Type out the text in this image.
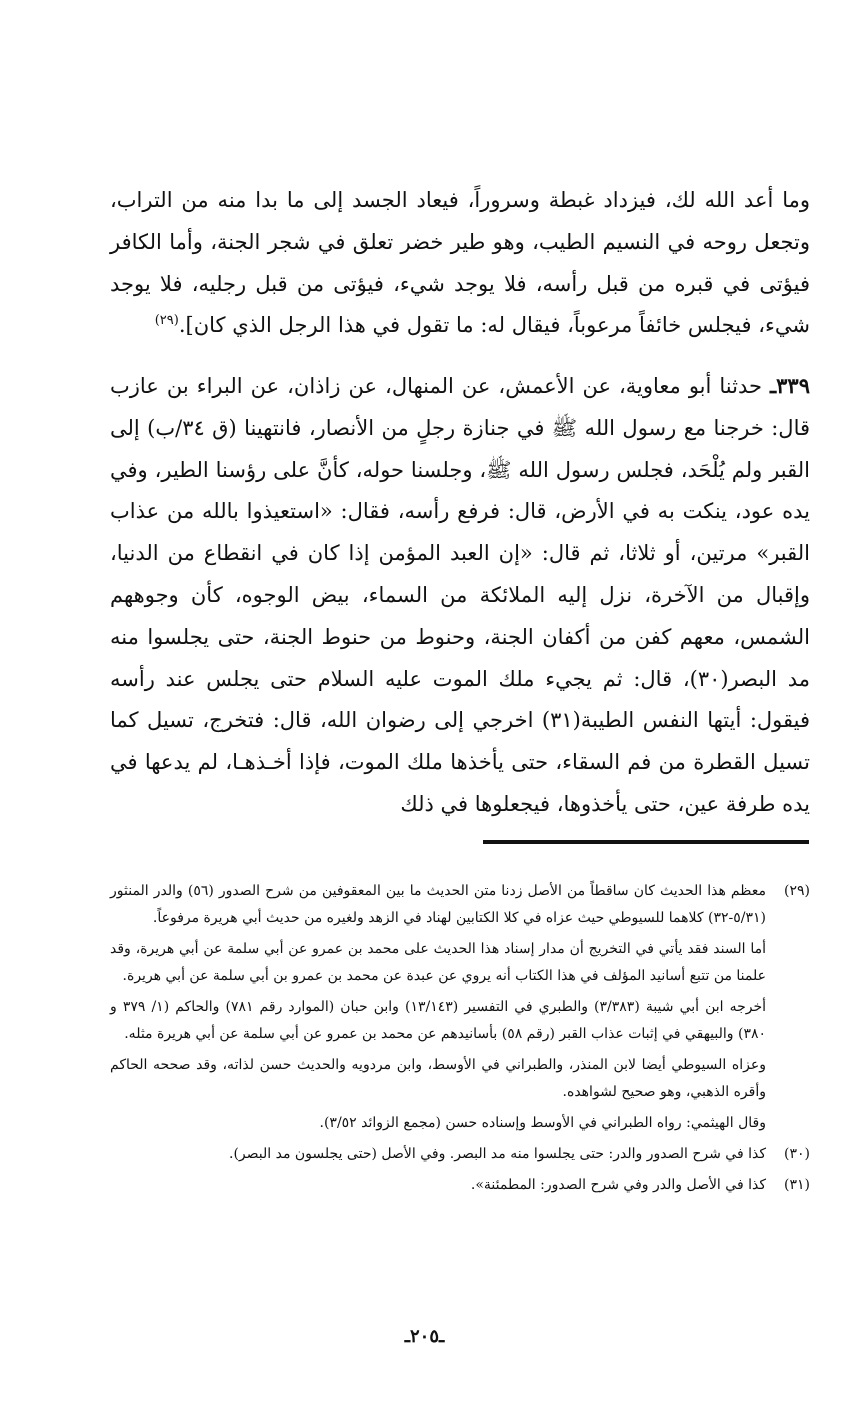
وما أعد الله لك، فيزداد غبطة وسروراً، فيعاد الجسد إلى ما بدا منه من التراب، وتجعل روحه في النسيم الطيب، وهو طير خضر تعلق في شجر الجنة، وأما الكافر فيؤتى في قبره من قبل رأسه، فلا يوجد شيء، فيؤتى من قبل رجليه، فلا يوجد شيء، فيجلس خائفاً مرعوباً، فيقال له: ما تقول في هذا الرجل الذي كان].$^{(٢٩)}$

٣٣٩ـ حدثنا أبو معاوية، عن الأعمش، عن المنهال، عن زاذان، عن البراء بن عازب قال: خرجنا مع رسول الله ﷺ في جنازة رجلٍ من الأنصار، فانتهينا (ق ٣٤/ب) إلى القبر ولم يُلْحَد، فجلس رسول الله ﷺ، وجلسنا حوله، كأنَّ على رؤسنا الطير، وفي يده عود، ينكت به في الأرض، قال: فرفع رأسه، فقال: «استعيذوا بالله من عذاب القبر» مرتين، أو ثلاثا، ثم قال: «إن العبد المؤمن إذا كان في انقطاع من الدنيا، وإقبال من الآخرة، نزل إليه الملائكة من السماء، بيض الوجوه، كأن وجوههم الشمس، معهم كفن من أكفان الجنة، وحنوط من حنوط الجنة، حتى يجلسوا منه مد البصر(٣٠)، قال: ثم يجيء ملك الموت عليه السلام حتى يجلس عند رأسه فيقول: أيتها النفس الطيبة(٣١) اخرجي إلى رضوان الله، قال: فتخرج، تسيل كما تسيل القطرة من فم السقاء، حتى يأخذها ملك الموت، فإذا أخـذهـا، لم يدعها في يده طرفة عين، حتى يأخذوها، فيجعلوها في ذلك

(٢٩)

معظم هذا الحديث كان ساقطاً من الأصل زدنا متن الحديث ما بين المعقوفين من شرح الصدور (٥٦) والدر المنثور (٥/٣١-٣٢) كلاهما للسيوطي حيث عزاه في كلا الكتابين لهناد في الزهد ولغيره من حديث أبي هريرة مرفوعاً.

أما السند فقد يأتي في التخريج أن مدار إسناد هذا الحديث على محمد بن عمرو عن أبي سلمة عن أبي هريرة، وقد علمنا من تتبع أسانيد المؤلف في هذا الكتاب أنه يروي عن عبدة عن محمد بن عمرو بن أبي سلمة عن أبي هريرة.

أخرجه ابن أبي شيبة (٣/٣٨٣) والطبري في التفسير (١٣/١٤٣) وابن حبان (الموارد رقم ٧٨١) والحاكم (١/ ٣٧٩ و ٣٨٠) والبيهقي في إثبات عذاب القبر (رقم ٥٨) بأسانيدهم عن محمد بن عمرو عن أبي سلمة عن أبي هريرة مثله.

وعزاه السيوطي أيضا لابن المنذر، والطبراني في الأوسط، وابن مردويه والحديث حسن لذاته، وقد صححه الحاكم وأقره الذهبي، وهو صحيح لشواهده.

وقال الهيثمي: رواه الطبراني في الأوسط وإسناده حسن (مجمع الزوائد ٣/٥٢).

(٣٠)

كذا في شرح الصدور والدر: حتى يجلسوا منه مد البصر. وفي الأصل (حتى يجلسون مد البصر).

(٣١)

كذا في الأصل والدر وفي شرح الصدور: المطمئنة».

ـ٢٠٥ـ
